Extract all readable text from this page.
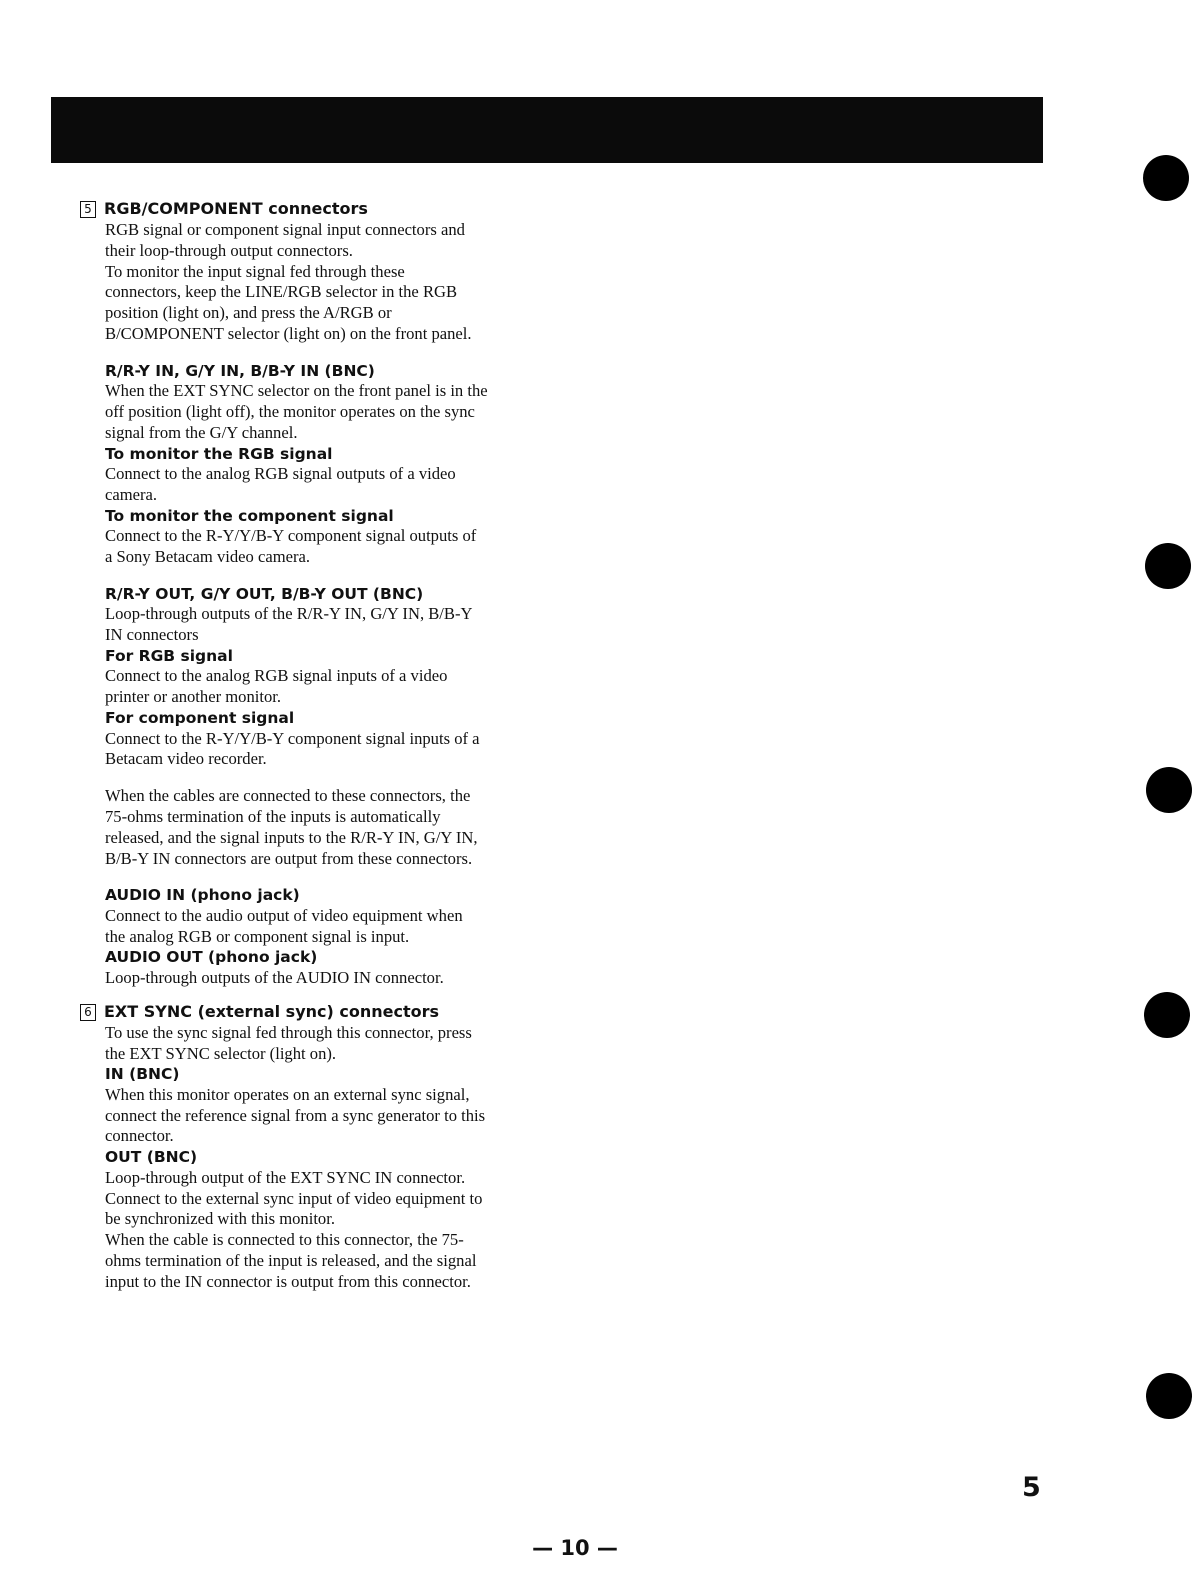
5 RGB/COMPONENT connectors
RGB signal or component signal input connectors and
their loop-through output connectors.
To monitor the input signal fed through these
connectors, keep the LINE/RGB selector in the RGB
position (light on), and press the A/RGB or
B/COMPONENT selector (light on) on the front panel.
R/R-Y IN, G/Y IN, B/B-Y IN (BNC)
When the EXT SYNC selector on the front panel is in the
off position (light off), the monitor operates on the sync
signal from the G/Y channel.
To monitor the RGB signal
Connect to the analog RGB signal outputs of a video
camera.
To monitor the component signal
Connect to the R-Y/Y/B-Y component signal outputs of
a Sony Betacam video camera.
R/R-Y OUT, G/Y OUT, B/B-Y OUT (BNC)
Loop-through outputs of the R/R-Y IN, G/Y IN, B/B-Y
IN connectors
For RGB signal
Connect to the analog RGB signal inputs of a video
printer or another monitor.
For component signal
Connect to the R-Y/Y/B-Y component signal inputs of a
Betacam video recorder.
When the cables are connected to these connectors, the
75-ohms termination of the inputs is automatically
released, and the signal inputs to the R/R-Y IN, G/Y IN,
B/B-Y IN connectors are output from these connectors.
AUDIO IN (phono jack)
Connect to the audio output of video equipment when
the analog RGB or component signal is input.
AUDIO OUT (phono jack)
Loop-through outputs of the AUDIO IN connector.
6 EXT SYNC (external sync) connectors
To use the sync signal fed through this connector, press
the EXT SYNC selector (light on).
IN (BNC)
When this monitor operates on an external sync signal,
connect the reference signal from a sync generator to this
connector.
OUT (BNC)
Loop-through output of the EXT SYNC IN connector.
Connect to the external sync input of video equipment to
be synchronized with this monitor.
When the cable is connected to this connector, the 75-
ohms termination of the input is released, and the signal
input to the IN connector is output from this connector.
5
— 10 —
